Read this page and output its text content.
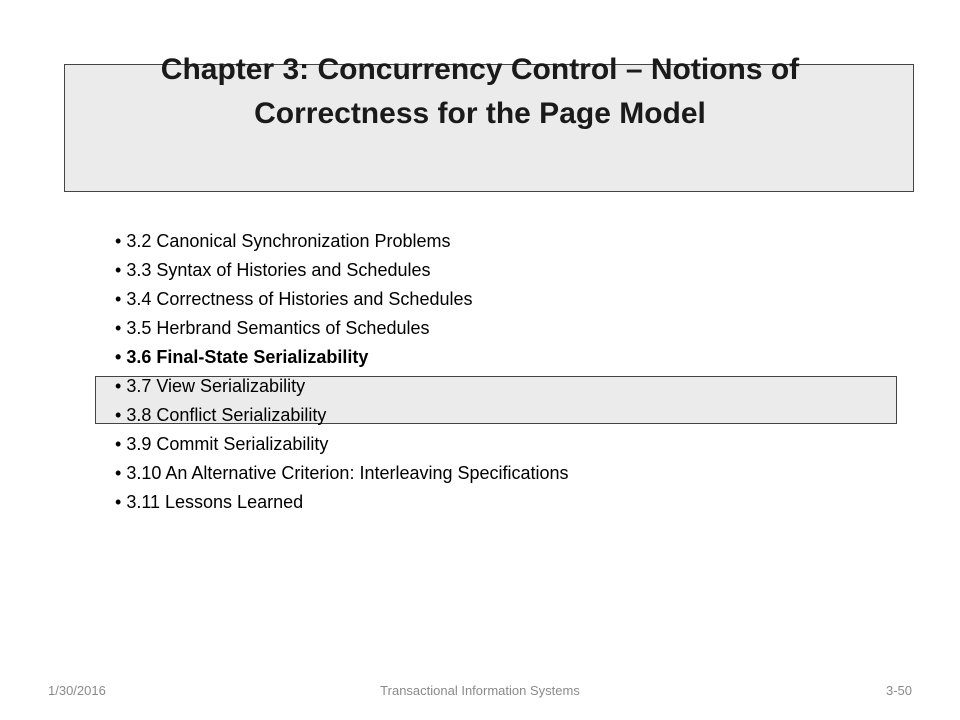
Chapter 3: Concurrency Control – Notions of
Correctness for the Page Model
• 3.2 Canonical Synchronization Problems
• 3.3 Syntax of Histories and Schedules
• 3.4 Correctness of Histories and Schedules
• 3.5 Herbrand Semantics of Schedules
• 3.6 Final-State Serializability
• 3.7 View Serializability
• 3.8 Conflict Serializability
• 3.9 Commit Serializability
• 3.10 An Alternative Criterion: Interleaving Specifications
• 3.11 Lessons Learned
1/30/2016	Transactional Information Systems	3-50
